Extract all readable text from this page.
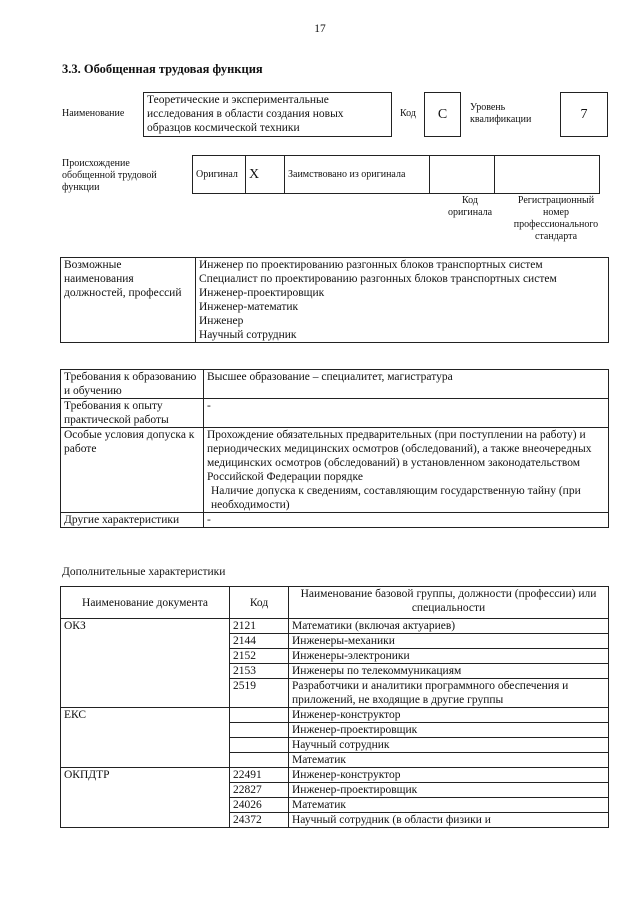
17
3.3. Обобщенная трудовая функция
Наименование
Теоретические и экспериментальные исследования в области создания новых образцов космической техники
Код	С	Уровень квалификации	7
Происхождение обобщенной трудовой функции
Оригинал	X	Заимствовано из оригинала		
Код оригинала
Регистрационный номер профессионального стандарта
Возможные наименования должностей, профессий	
Инженер по проектированию разгонных блоков транспортных систем
Специалист по проектированию разгонных блоков транспортных систем
Инженер-проектировщик
Инженер-математик
Инженер
Научный сотрудник
Требования к образованию и обучению	Высшее образование – специалитет, магистратура
Требования к опыту практической работы	-
Особые условия допуска к работе	Прохождение обязательных предварительных (при поступлении на работу) и периодических медицинских осмотров (обследований), а также внеочередных медицинских осмотров (обследований) в установленном законодательством Российской Федерации порядке
Наличие допуска к сведениям, составляющим государственную тайну (при необходимости)

Другие характеристики	-
Дополнительные характеристики
Наименование документа	Код	Наименование базовой группы, должности (профессии) или специальности
ОКЗ	2121	Математики (включая актуариев)
	2144	Инженеры-механики
	2152	Инженеры-электроники
	2153	Инженеры по телекоммуникациям
	2519	Разработчики и аналитики программного обеспечения и приложений, не входящие в другие группы
ЕКС		Инженер-конструктор
		Инженер-проектировщик
		Научный сотрудник
		Математик
ОКПДТР	22491	Инженер-конструктор
	22827	Инженер-проектировщик
	24026	Математик
	24372	Научный сотрудник (в области физики и
